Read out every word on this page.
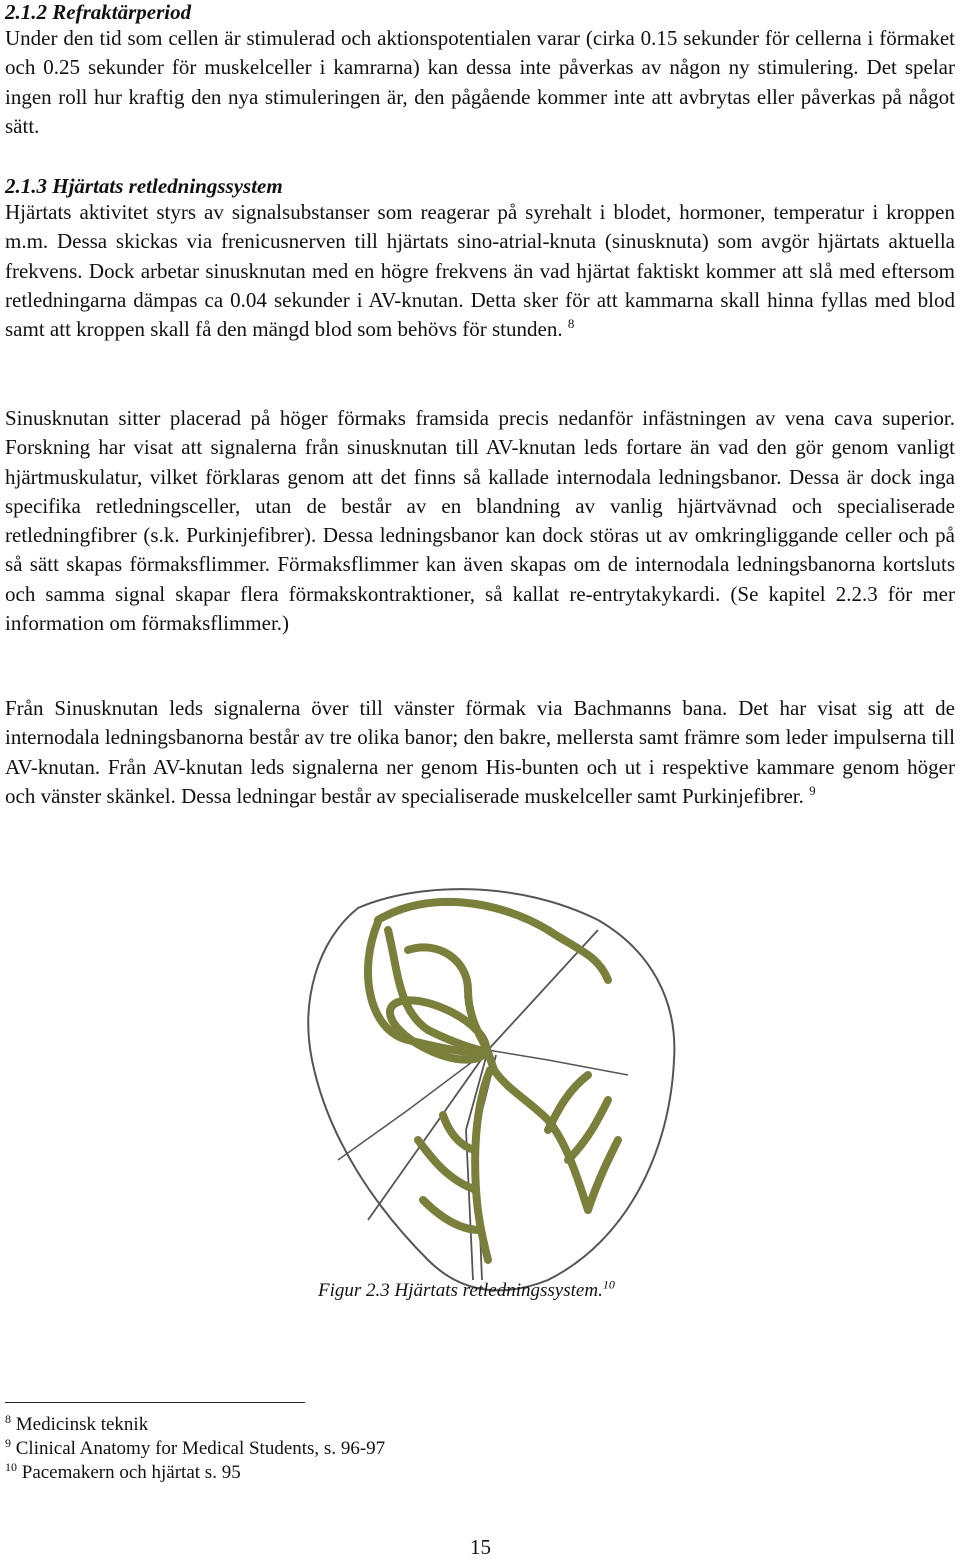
2.1.2 Refraktärperiod

Under den tid som cellen är stimulerad och aktionspotentialen varar (cirka 0.15 sekunder för cellerna i förmaket och 0.25 sekunder för muskelceller i kamrarna) kan dessa inte påverkas av någon ny stimulering. Det spelar ingen roll hur kraftig den nya stimuleringen är, den pågående kommer inte att avbrytas eller påverkas på något sätt.

2.1.3 Hjärtats retledningssystem

Hjärtats aktivitet styrs av signalsubstanser som reagerar på syrehalt i blodet, hormoner, temperatur i kroppen m.m. Dessa skickas via frenicusnerven till hjärtats sino-atrial-knuta (sinusknuta) som avgör hjärtats aktuella frekvens. Dock arbetar sinusknutan med en högre frekvens än vad hjärtat faktiskt kommer att slå med eftersom retledningarna dämpas ca 0.04 sekunder i AV-knutan. Detta sker för att kammarna skall hinna fyllas med blod samt att kroppen skall få den mängd blod som behövs för stunden. $^8$

Sinusknutan sitter placerad på höger förmaks framsida precis nedanför infästningen av vena cava superior. Forskning har visat att signalerna från sinusknutan till AV-knutan leds fortare än vad den gör genom vanligt hjärtmuskulatur, vilket förklaras genom att det finns så kallade internodala ledningsbanor. Dessa är dock inga specifika retledningsceller, utan de består av en blandning av vanlig hjärtvävnad och specialiserade retledningfibrer (s.k. Purkinjefibrer). Dessa ledningsbanor kan dock störas ut av omkringliggande celler och på så sätt skapas förmaksflimmer. Förmaksflimmer kan även skapas om de internodala ledningsbanorna kortsluts och samma signal skapar flera förmakskontraktioner, så kallat re-entrytakykardi. (Se kapitel 2.2.3 för mer information om förmaksflimmer.)

Från Sinusknutan leds signalerna över till vänster förmak via Bachmanns bana. Det har visat sig att de internodala ledningsbanorna består av tre olika banor; den bakre, mellersta samt främre som leder impulserna till AV-knutan. Från AV-knutan leds signalerna ner genom His-bunten och ut i respektive kammare genom höger och vänster skänkel. Dessa ledningar består av specialiserade muskelceller samt Purkinjefibrer. $^9$

Figur 2.3 Hjärtats retledningssystem.$^{10}$

$^8$ Medicinsk teknik

$^9$ Clinical Anatomy for Medical Students, s. 96-97

$^{10}$ Pacemakern och hjärtat s. 95

15
